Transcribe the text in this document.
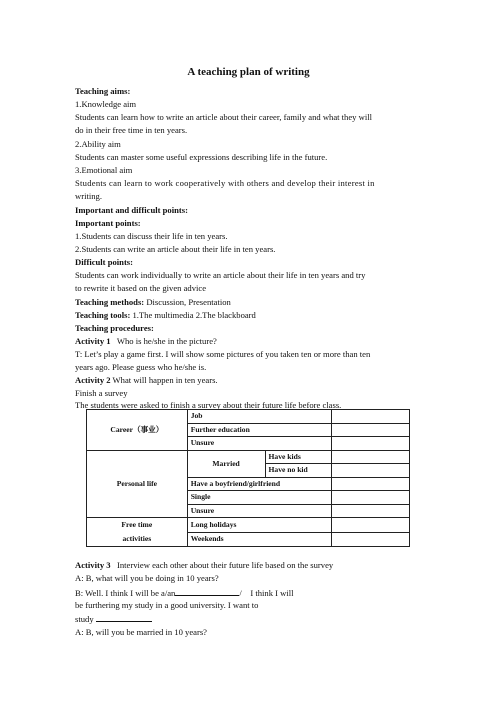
A teaching plan of writing
Teaching aims:
1.Knowledge aim
Students can learn how to write an article about their career, family and what they will
do in their free time in ten years.
2.Ability aim
Students can master some useful expressions describing life in the future.
3.Emotional aim
Students can learn to work cooperatively with others and develop their interest in
writing.
Important and difficult points:
Important points:
1.Students can discuss their life in ten years.
2.Students can write an article about their life in ten years.
Difficult points:
Students can work individually to write an article about their life in ten years and try
to rewrite it based on the given advice
Teaching methods: Discussion, Presentation
Teaching tools: 1.The multimedia 2.The blackboard
Teaching procedures:
Activity 1   Who is he/she in the picture?
T: Let’s play a game first. I will show some pictures of you taken ten or more than ten
years ago. Please guess who he/she is.
Activity 2 What will happen in ten years.
Finish a survey
The students were asked to finish a survey about their future life before class.
Career（事业）	Job		
	Further education		
	Unsure		
Personal life	Married	Have kids	
		Have no kid	
	Have a boyfriend/girlfriend		
	Single		
	Unsure		
Free time
activities	Long holidays		
	Weekends		
Activity 3   Interview each other about their future life based on the survey
A: B, what will you be doing in 10 years?
B: Well. I think I will be a/an	/    I think I will
be furthering my study in a good university. I want to
study
A: B, will you be married in 10 years?
